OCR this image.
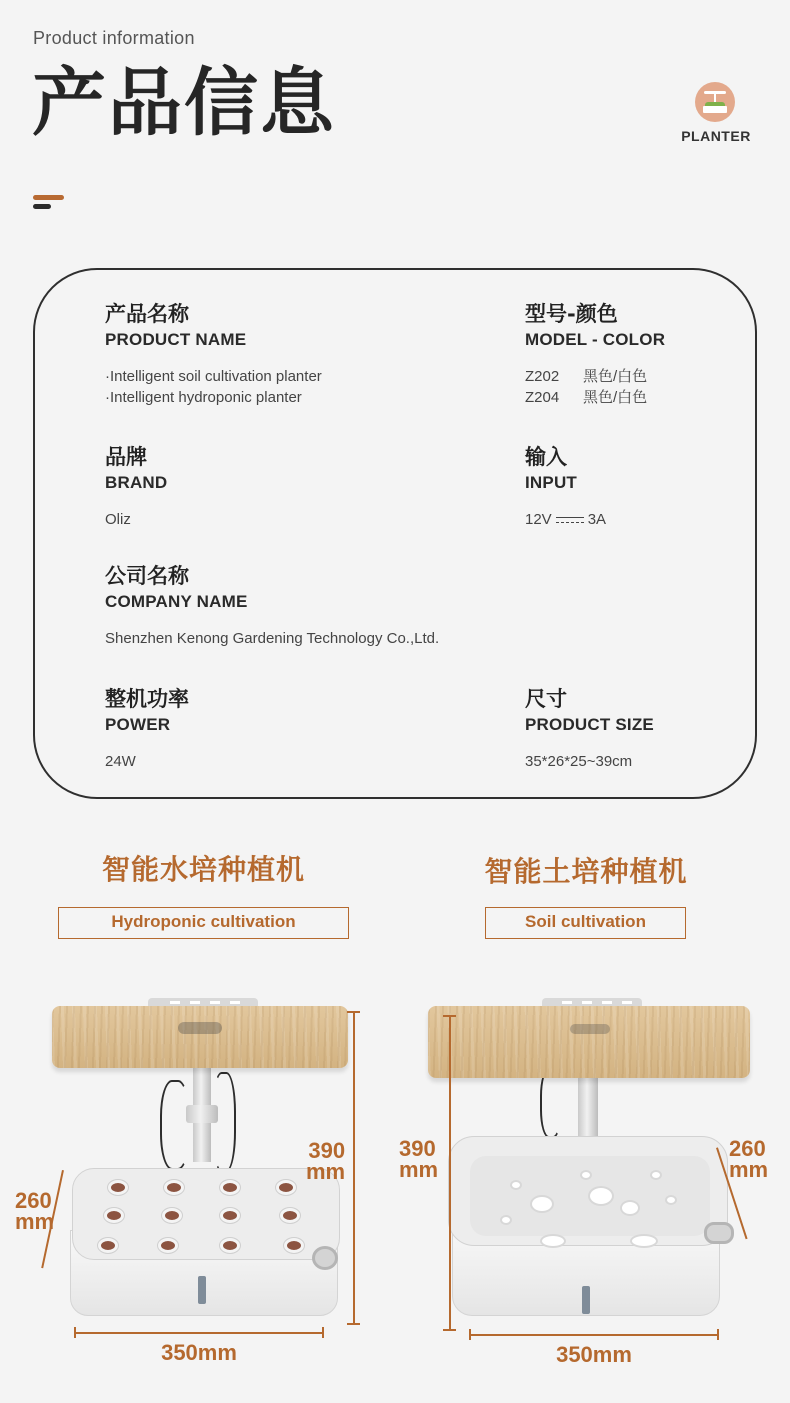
Product information
产品信息	PLANTER
产品名称
PRODUCT NAME
·Intelligent soil cultivation planter
·Intelligent hydroponic planter
型号-颜色
MODEL - COLOR
Z202 黑色/白色
Z204 黑色/白色
品牌
BRAND
Oliz
输入
INPUT
12V 3A
公司名称
COMPANY NAME
Shenzhen Kenong Gardening Technology Co.,Ltd.
整机功率
POWER
24W
尺寸
PRODUCT SIZE
35*26*25~39cm
智能水培种植机
Hydroponic cultivation
智能土培种植机
Soil cultivation
390
mm
260
mm
350mm
390
mm
260
mm
350mm
